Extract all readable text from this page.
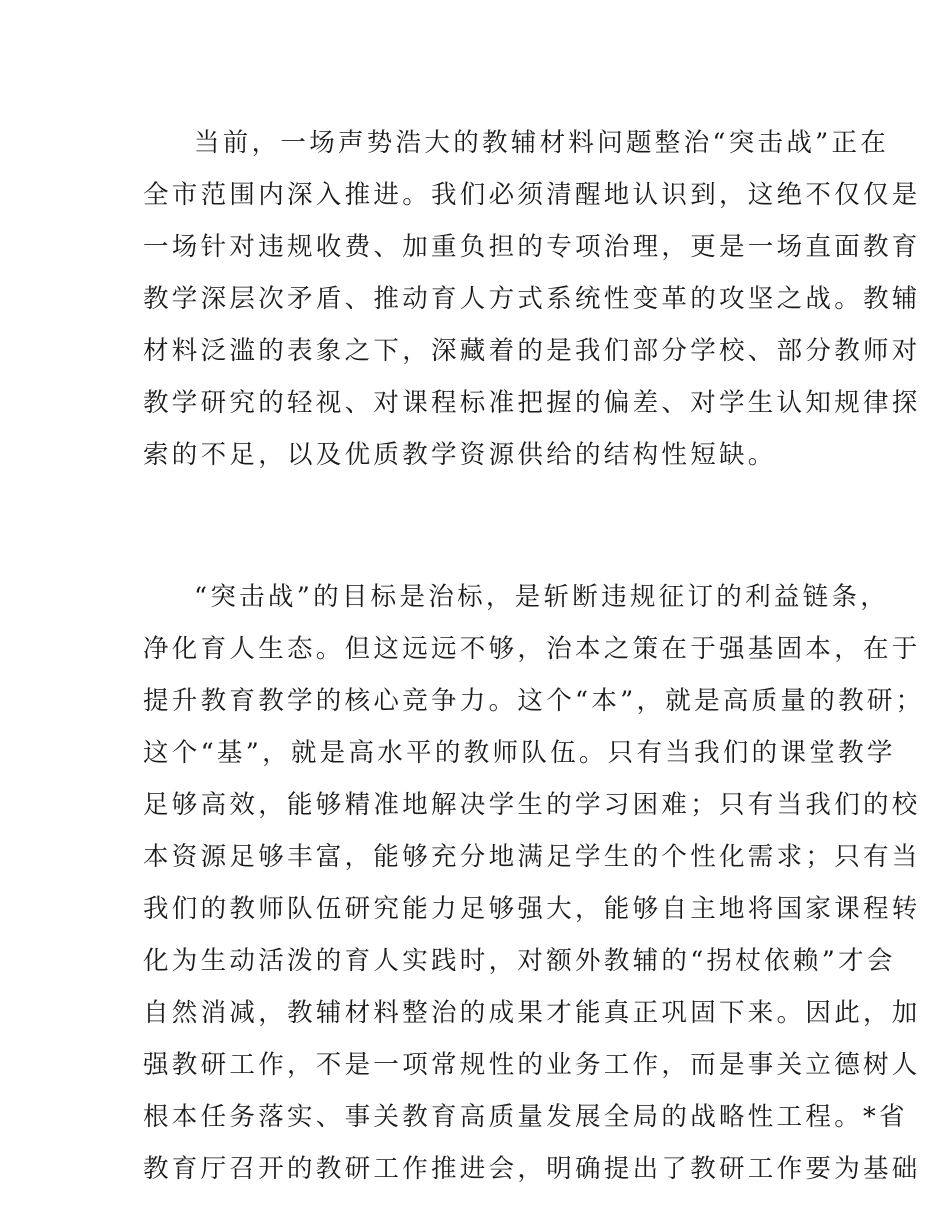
当前，一场声势浩大的教辅材料问题整治“突击战”正在
全市范围内深入推进。我们必须清醒地认识到，这绝不仅仅是
一场针对违规收费、加重负担的专项治理，更是一场直面教育
教学深层次矛盾、推动育人方式系统性变革的攻坚之战。教辅
材料泛滥的表象之下，深藏着的是我们部分学校、部分教师对
教学研究的轻视、对课程标准把握的偏差、对学生认知规律探
索的不足，以及优质教学资源供给的结构性短缺。
“突击战”的目标是治标，是斩断违规征订的利益链条，
净化育人生态。但这远远不够，治本之策在于强基固本，在于
提升教育教学的核心竞争力。这个“本”，就是高质量的教研；
这个“基”，就是高水平的教师队伍。只有当我们的课堂教学
足够高效，能够精准地解决学生的学习困难；只有当我们的校
本资源足够丰富，能够充分地满足学生的个性化需求；只有当
我们的教师队伍研究能力足够强大，能够自主地将国家课程转
化为生动活泼的育人实践时，对额外教辅的“拐杖依赖”才会
自然消减，教辅材料整治的成果才能真正巩固下来。因此，加
强教研工作，不是一项常规性的业务工作，而是事关立德树人
根本任务落实、事关教育高质量发展全局的战略性工程。*省
教育厅召开的教研工作推进会，明确提出了教研工作要为基础
